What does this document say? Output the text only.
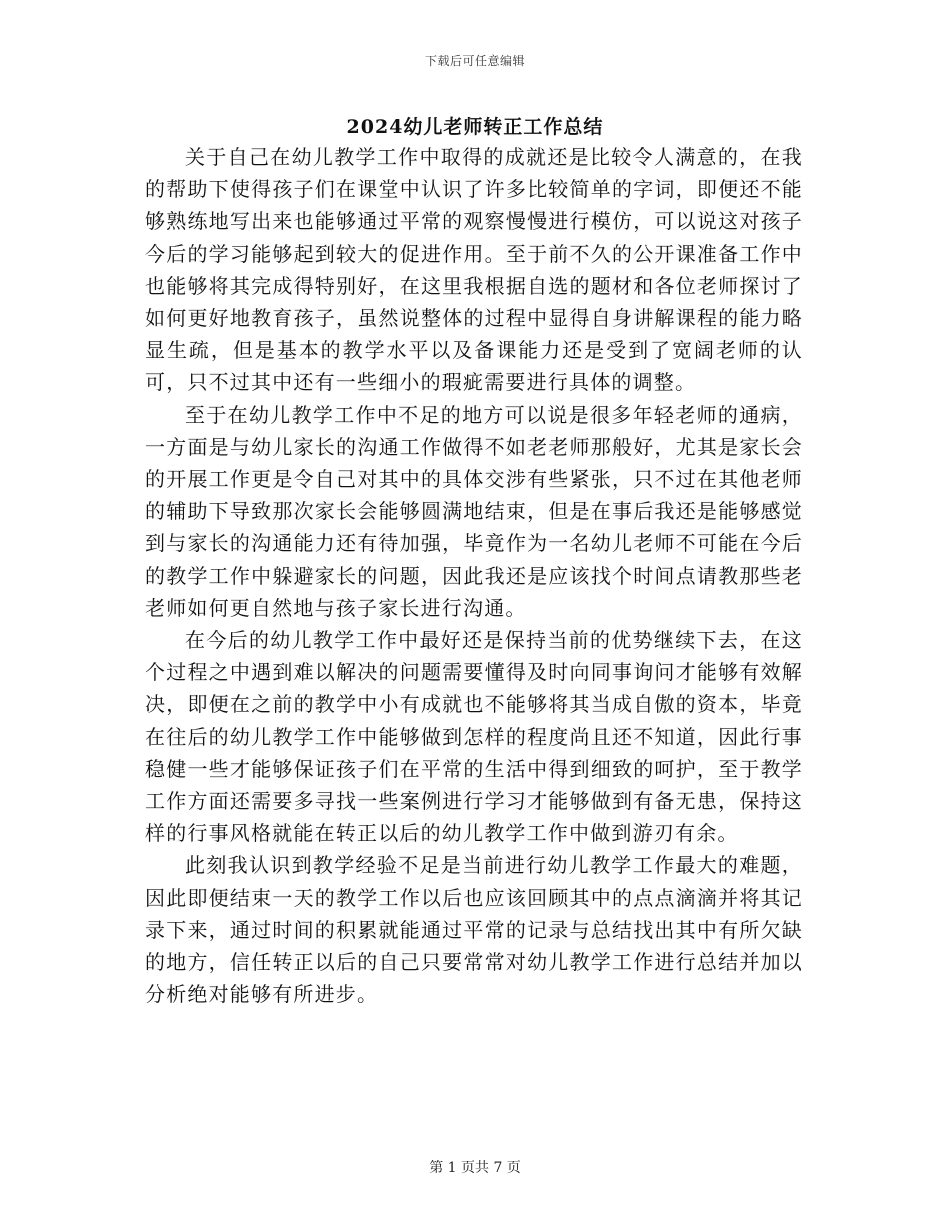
下载后可任意编辑
2024幼儿老师转正工作总结

关于自己在幼儿教学工作中取得的成就还是比较令人满意的，在我的帮助下使得孩子们在课堂中认识了许多比较简单的字词，即便还不能够熟练地写出来也能够通过平常的观察慢慢进行模仿，可以说这对孩子今后的学习能够起到较大的促进作用。至于前不久的公开课准备工作中也能够将其完成得特别好，在这里我根据自选的题材和各位老师探讨了如何更好地教育孩子，虽然说整体的过程中显得自身讲解课程的能力略显生疏，但是基本的教学水平以及备课能力还是受到了宽阔老师的认可，只不过其中还有一些细小的瑕疵需要进行具体的调整。

至于在幼儿教学工作中不足的地方可以说是很多年轻老师的通病，一方面是与幼儿家长的沟通工作做得不如老老师那般好，尤其是家长会的开展工作更是令自己对其中的具体交涉有些紧张，只不过在其他老师的辅助下导致那次家长会能够圆满地结束，但是在事后我还是能够感觉到与家长的沟通能力还有待加强，毕竟作为一名幼儿老师不可能在今后的教学工作中躲避家长的问题，因此我还是应该找个时间点请教那些老老师如何更自然地与孩子家长进行沟通。

在今后的幼儿教学工作中最好还是保持当前的优势继续下去，在这个过程之中遇到难以解决的问题需要懂得及时向同事询问才能够有效解决，即便在之前的教学中小有成就也不能够将其当成自傲的资本，毕竟在往后的幼儿教学工作中能够做到怎样的程度尚且还不知道，因此行事稳健一些才能够保证孩子们在平常的生活中得到细致的呵护，至于教学工作方面还需要多寻找一些案例进行学习才能够做到有备无患，保持这样的行事风格就能在转正以后的幼儿教学工作中做到游刃有余。

此刻我认识到教学经验不足是当前进行幼儿教学工作最大的难题，因此即便结束一天的教学工作以后也应该回顾其中的点点滴滴并将其记录下来，通过时间的积累就能通过平常的记录与总结找出其中有所欠缺的地方，信任转正以后的自己只要常常对幼儿教学工作进行总结并加以分析绝对能够有所进步。

第 1 页共 7 页
